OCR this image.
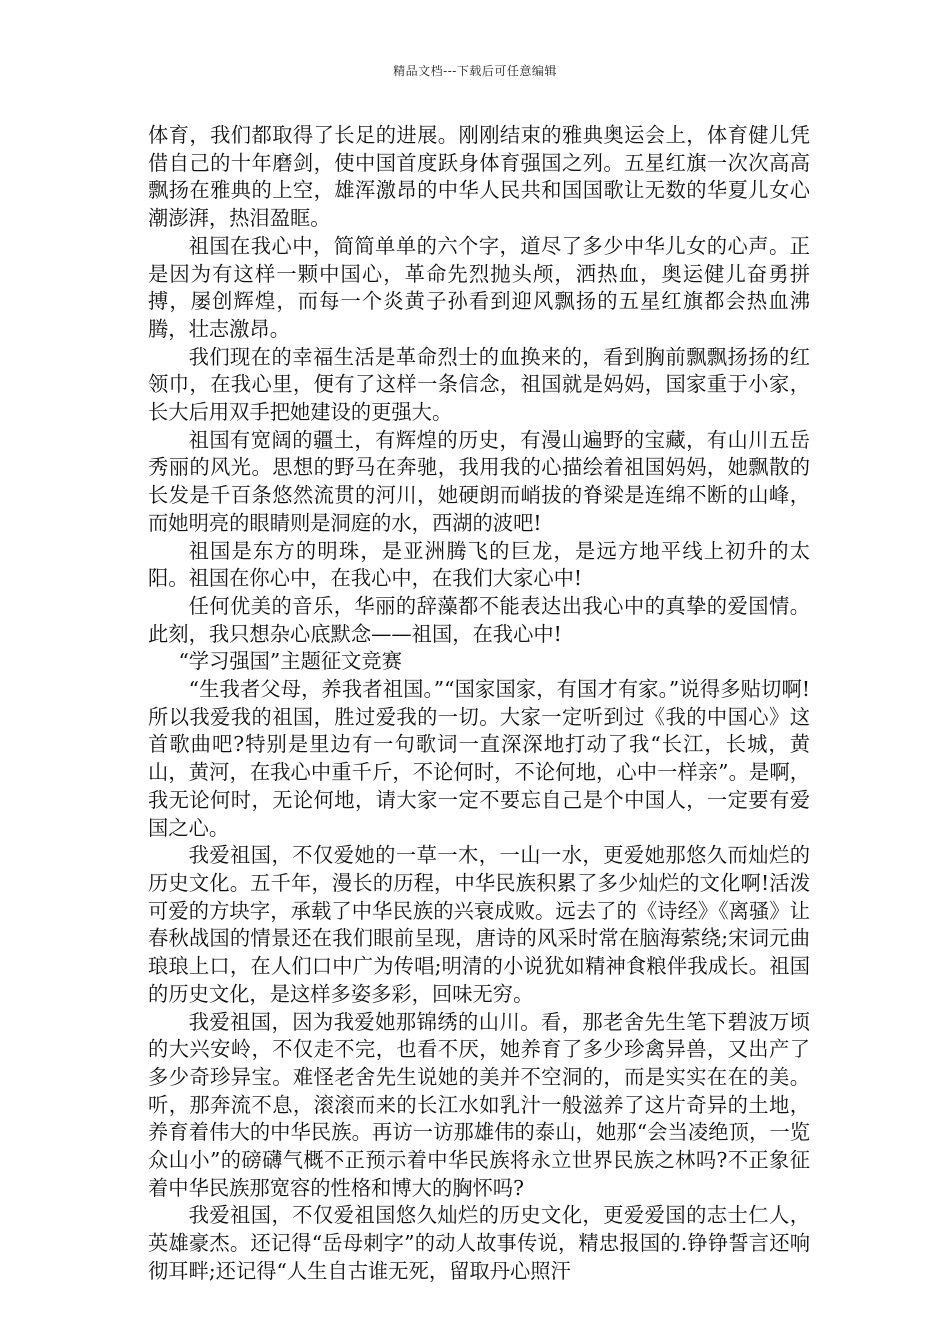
精品文档---下载后可任意编辑

体育，我们都取得了长足的进展。刚刚结束的雅典奥运会上，体育健儿凭借自己的十年磨剑，使中国首度跃身体育强国之列。五星红旗一次次高高飘扬在雅典的上空，雄浑激昂的中华人民共和国国歌让无数的华夏儿女心潮澎湃，热泪盈眶。

祖国在我心中，简简单单的六个字，道尽了多少中华儿女的心声。正是因为有这样一颗中国心，革命先烈抛头颅，洒热血，奥运健儿奋勇拼搏，屡创辉煌，而每一个炎黄子孙看到迎风飘扬的五星红旗都会热血沸腾，壮志激昂。

我们现在的幸福生活是革命烈士的血换来的，看到胸前飘飘扬扬的红领巾，在我心里，便有了这样一条信念，祖国就是妈妈，国家重于小家，长大后用双手把她建设的更强大。

祖国有宽阔的疆土，有辉煌的历史，有漫山遍野的宝藏，有山川五岳秀丽的风光。思想的野马在奔驰，我用我的心描绘着祖国妈妈，她飘散的长发是千百条悠然流贯的河川，她硬朗而峭拔的脊梁是连绵不断的山峰，而她明亮的眼睛则是洞庭的水，西湖的波吧!

祖国是东方的明珠，是亚洲腾飞的巨龙，是远方地平线上初升的太阳。祖国在你心中，在我心中，在我们大家心中!

任何优美的音乐，华丽的辞藻都不能表达出我心中的真挚的爱国情。此刻，我只想杂心底默念——祖国，在我心中!

“学习强国”主题征文竞赛

“生我者父母，养我者祖国。”“国家国家，有国才有家。”说得多贴切啊!所以我爱我的祖国，胜过爱我的一切。大家一定听到过《我的中国心》这首歌曲吧?特别是里边有一句歌词一直深深地打动了我“长江，长城，黄山，黄河，在我心中重千斤，不论何时，不论何地，心中一样亲”。是啊，我无论何时，无论何地，请大家一定不要忘自己是个中国人，一定要有爱国之心。

我爱祖国，不仅爱她的一草一木，一山一水，更爱她那悠久而灿烂的历史文化。五千年，漫长的历程，中华民族积累了多少灿烂的文化啊!活泼可爱的方块字，承载了中华民族的兴衰成败。远去了的《诗经》《离骚》让春秋战国的情景还在我们眼前呈现，唐诗的风采时常在脑海萦绕;宋词元曲琅琅上口，在人们口中广为传唱;明清的小说犹如精神食粮伴我成长。祖国的历史文化，是这样多姿多彩，回味无穷。

我爱祖国，因为我爱她那锦绣的山川。看，那老舍先生笔下碧波万顷的大兴安岭，不仅走不完，也看不厌，她养育了多少珍禽异兽，又出产了多少奇珍异宝。难怪老舍先生说她的美并不空洞的，而是实实在在的美。听，那奔流不息，滚滚而来的长江水如乳汁一般滋养了这片奇异的土地，养育着伟大的中华民族。再访一访那雄伟的泰山，她那“会当凌绝顶，一览众山小”的磅礴气概不正预示着中华民族将永立世界民族之林吗?不正象征着中华民族那宽容的性格和博大的胸怀吗?

我爱祖国，不仅爱祖国悠久灿烂的历史文化，更爱爱国的志士仁人，英雄豪杰。还记得“岳母刺字”的动人故事传说，精忠报国的.铮铮誓言还响彻耳畔;还记得“人生自古谁无死，留取丹心照汗
